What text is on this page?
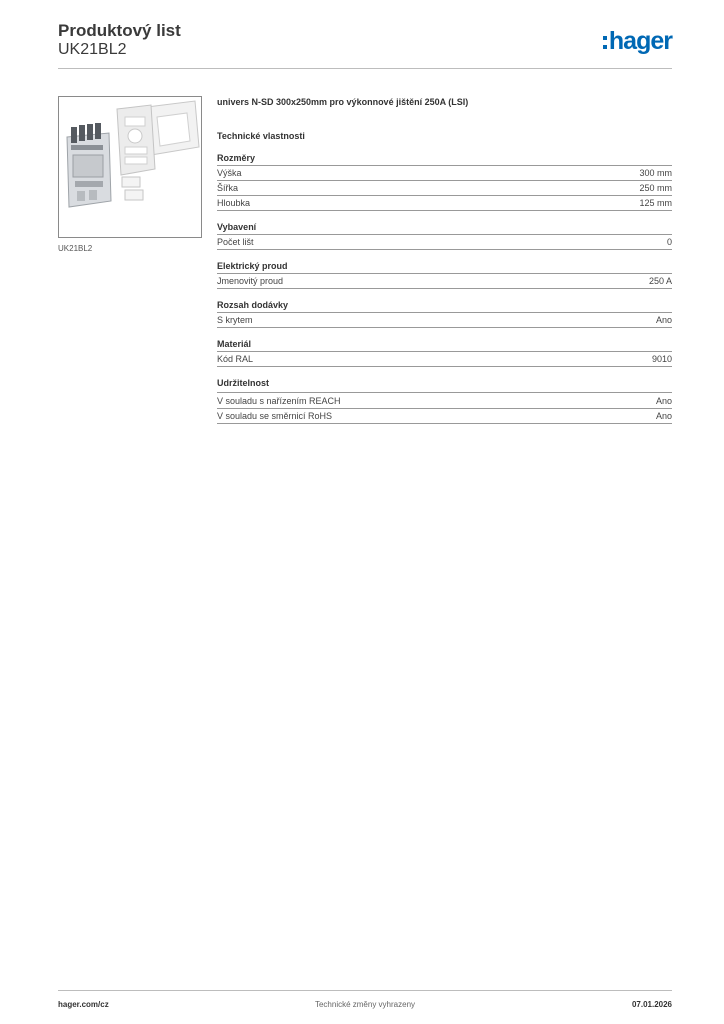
Produktový list
UK21BL2	hager
UK21BL2
univers N-SD 300x250mm pro výkonnové jištění 250A (LSI)
Technické vlastnosti
Rozměry
Výška	300 mm
Šířka	250 mm
Hloubka	125 mm
Vybavení
Počet lišt	0
Elektrický proud
Jmenovitý proud	250 A
Rozsah dodávky
S krytem	Ano
Materiál
Kód RAL	9010
Udržitelnost
V souladu s nařízením REACH	Ano
V souladu se směrnicí RoHS	Ano
hager.com/cz	Technické změny vyhrazeny	07.01.2026
